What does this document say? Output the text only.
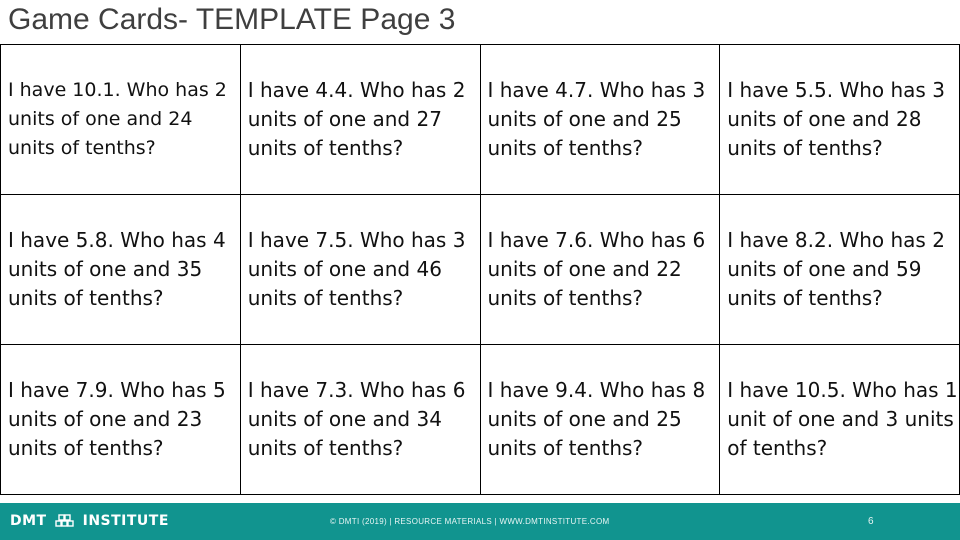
Game Cards- TEMPLATE Page 3
I have 10.1. Who has 2 units of one and 24 units of tenths?	I have 4.4. Who has 2 units of one and 27 units of tenths?	I have 4.7. Who has 3 units of one and 25 units of tenths?	I have 5.5. Who has 3 units of one and 28 units of tenths?
I have 5.8. Who has 4 units of one and 35 units of tenths?	I have 7.5. Who has 3 units of one and 46 units of tenths?	I have 7.6. Who has 6 units of one and 22 units of tenths?	I have 8.2. Who has 2 units of one and 59 units of tenths?
I have 7.9. Who has 5 units of one and 23 units of tenths?	I have 7.3. Who has 6 units of one and 34 units of tenths?	I have 9.4. Who has 8 units of one and 25 units of tenths?	I have 10.5. Who has 1 unit of one and 3 units of tenths?
DMT	INSTITUTE	© DMTI (2019) | RESOURCE MATERIALS | WWW.DMTINSTITUTE.COM	6
